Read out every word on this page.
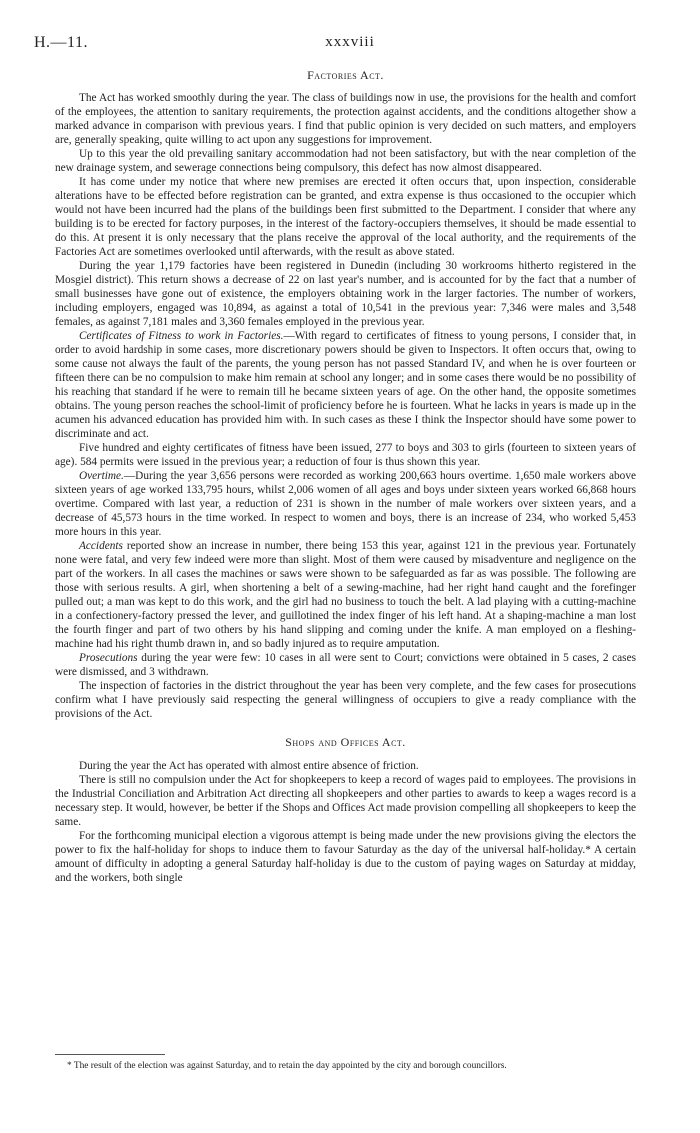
H.—11.	xxxviii
Factories Act.

The Act has worked smoothly during the year. The class of buildings now in use, the provisions for the health and comfort of the employees, the attention to sanitary requirements, the protection against accidents, and the conditions altogether show a marked advance in comparison with previous years. I find that public opinion is very decided on such matters, and employers are, generally speaking, quite willing to act upon any suggestions for improvement.

Up to this year the old prevailing sanitary accommodation had not been satisfactory, but with the near completion of the new drainage system, and sewerage connections being compulsory, this defect has now almost disappeared.

It has come under my notice that where new premises are erected it often occurs that, upon inspection, considerable alterations have to be effected before registration can be granted, and extra expense is thus occasioned to the occupier which would not have been incurred had the plans of the buildings been first submitted to the Department. I consider that where any building is to be erected for factory purposes, in the interest of the factory-occupiers themselves, it should be made essential to do this. At present it is only necessary that the plans receive the approval of the local authority, and the requirements of the Factories Act are sometimes overlooked until afterwards, with the result as above stated.

During the year 1,179 factories have been registered in Dunedin (including 30 workrooms hitherto registered in the Mosgiel district). This return shows a decrease of 22 on last year's number, and is accounted for by the fact that a number of small businesses have gone out of existence, the employers obtaining work in the larger factories. The number of workers, including employers, engaged was 10,894, as against a total of 10,541 in the previous year: 7,346 were males and 3,548 females, as against 7,181 males and 3,360 females employed in the previous year.

Certificates of Fitness to work in Factories.—With regard to certificates of fitness to young persons, I consider that, in order to avoid hardship in some cases, more discretionary powers should be given to Inspectors. It often occurs that, owing to some cause not always the fault of the parents, the young person has not passed Standard IV, and when he is over fourteen or fifteen there can be no compulsion to make him remain at school any longer; and in some cases there would be no possibility of his reaching that standard if he were to remain till he became sixteen years of age. On the other hand, the opposite sometimes obtains. The young person reaches the school-limit of proficiency before he is fourteen. What he lacks in years is made up in the acumen his advanced education has provided him with. In such cases as these I think the Inspector should have some power to discriminate and act.

Five hundred and eighty certificates of fitness have been issued, 277 to boys and 303 to girls (fourteen to sixteen years of age). 584 permits were issued in the previous year; a reduction of four is thus shown this year.

Overtime.—During the year 3,656 persons were recorded as working 200,663 hours overtime. 1,650 male workers above sixteen years of age worked 133,795 hours, whilst 2,006 women of all ages and boys under sixteen years worked 66,868 hours overtime. Compared with last year, a reduction of 231 is shown in the number of male workers over sixteen years, and a decrease of 45,573 hours in the time worked. In respect to women and boys, there is an increase of 234, who worked 5,453 more hours in this year.

Accidents reported show an increase in number, there being 153 this year, against 121 in the previous year. Fortunately none were fatal, and very few indeed were more than slight. Most of them were caused by misadventure and negligence on the part of the workers. In all cases the machines or saws were shown to be safeguarded as far as was possible. The following are those with serious results. A girl, when shortening a belt of a sewing-machine, had her right hand caught and the forefinger pulled out; a man was kept to do this work, and the girl had no business to touch the belt. A lad playing with a cutting-machine in a confectionery-factory pressed the lever, and guillotined the index finger of his left hand. At a shaping-machine a man lost the fourth finger and part of two others by his hand slipping and coming under the knife. A man employed on a fleshing-machine had his right thumb drawn in, and so badly injured as to require amputation.

Prosecutions during the year were few: 10 cases in all were sent to Court; convictions were obtained in 5 cases, 2 cases were dismissed, and 3 withdrawn.

The inspection of factories in the district throughout the year has been very complete, and the few cases for prosecutions confirm what I have previously said respecting the general willingness of occupiers to give a ready compliance with the provisions of the Act.

Shops and Offices Act.

During the year the Act has operated with almost entire absence of friction.

There is still no compulsion under the Act for shopkeepers to keep a record of wages paid to employees. The provisions in the Industrial Conciliation and Arbitration Act directing all shopkeepers and other parties to awards to keep a wages record is a necessary step. It would, however, be better if the Shops and Offices Act made provision compelling all shopkeepers to keep the same.

For the forthcoming municipal election a vigorous attempt is being made under the new provisions giving the electors the power to fix the half-holiday for shops to induce them to favour Saturday as the day of the universal half-holiday.* A certain amount of difficulty in adopting a general Saturday half-holiday is due to the custom of paying wages on Saturday at midday, and the workers, both single

* The result of the election was against Saturday, and to retain the day appointed by the city and borough councillors.
